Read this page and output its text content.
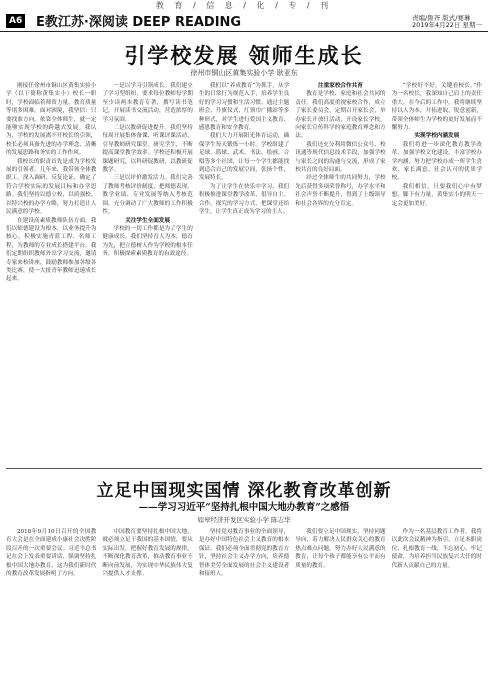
教 育 / 信 息 / 化 / 专 / 刊
A6 E教江苏·深阅读 DEEP READING	责编/鲁齐 版式/赛琳
2019年4月22日 星期一
引学校发展 领师生成长
徐州市铜山区黄集实验小学 耿亚东

刚接任徐州市铜山区黄集实验小学（以下简称黄集实小）校长一职时，学校面临着师资力量、教育质量等诸多困难。面对困境，我坚信：只要找准方向，依靠全体师生，就一定能够实现学校的跨越式发展。我认为，学校的发展离不开校长的引领，校长必须具备先进的办学理念、清晰的发展思路和务实的工作作风。

我校长的职责首先是成为学校发展的引领者。几年来，我带领全体教职工，深入调研、反复论证，确定了符合学校实际的发展目标和办学思路。我们坚持以德立校、以质强校、以特兴校的办学方略，努力打造让人民满意的学校。

在建设高素质教师队伍方面，我们以师德建设为根本，以业务提升为核心，积极实施青蓝工程、名师工程，为教师的专业成长搭建平台。我们定期组织教师外出学习交流，邀请专家来校讲座，鼓励教师参加各级各类比赛，使一大批青年教师迅速成长起来。

一是以学习引领成长。我们建立了学习型组织，要求每位教师每学期至少读两本教育专著，撰写读书笔记，开展读书交流活动，营造浓厚的学习氛围。

二是以教研促进提升。我们坚持每周开展集体备课、听课评课活动，引导教师研究课堂、研究学生，不断提高课堂教学效率。学校还积极开展课题研究，以科研促教研，以教研促教学。

三是以评价激发活力。我们完善了教师考核评价制度，把师德表现、教学业绩、专业发展等纳入考核范围，充分调动了广大教师的工作积极性。

关注学生全面发展

学校的一切工作都是为了学生的健康成长。我们坚持育人为本，德育为先，把立德树人作为学校的根本任务，积极探索素质教育的有效途径。

我们以“养成教育”为抓手，从学生的日常行为规范入手，培养学生良好的学习习惯和生活习惯。通过主题班会、升旗仪式、红领巾广播站等多种形式，对学生进行爱国主义教育、感恩教育和安全教育。

我们大力开展阳光体育运动，确保学生每天锻炼一小时。学校组建了足球、篮球、武术、书法、绘画、合唱等多个社团，让每一个学生都能找到适合自己的发展空间，张扬个性，发展特长。

为了让学生在快乐中学习，我们积极推进课堂教学改革，倡导自主、合作、探究的学习方式，把课堂还给学生，让学生真正成为学习的主人。

注重家校合作共育

教育是学校、家庭和社会共同的责任。我们高度重视家校合作，成立了家长委员会，定期召开家长会，举办家长开放日活动，开设家长学校，向家长宣传科学的家庭教育理念和方法。

我们还充分利用微信公众号、校讯通等现代信息技术手段，加强学校与家长之间的沟通与交流，形成了家校共育的良好局面。

经过全体师生的共同努力，学校先后获得多项荣誉称号，办学水平和社会声誉不断提升，得到了上级领导和社会各界的充分肯定。

“学校好不好，关键看校长。”作为一名校长，我深知自己肩上的责任重大。在今后的工作中，我将继续坚持以人为本，开拓进取，锐意创新，带领全体师生为学校的更好发展而不懈努力。

实现学校内涵发展

我们将进一步深化教育教学改革，加强学校文化建设，丰富学校办学内涵，努力把学校办成一所学生喜欢、家长满意、社会认可的优质学校。

我们相信，只要我们心中有梦想，脚下有力量，黄集实小的明天一定会更加美好。

立足中国现实国情 深化教育改革创新
——学习习近平“坚持扎根中国大地办教育”之感悟
如皋经济开发区实验小学 陈志华

2018年9月10日召开的全国教育大会是在全面建成小康社会决胜阶段召开的一次重要会议。习近平总书记在会上发表重要讲话，强调坚持扎根中国大地办教育，这为我们新时代的教育改革发展指明了方向。

中国教育要坚持扎根中国大地，就必须立足于我国的基本国情，要从实际出发，把握好教育发展的规律，不断深化教育改革，推动教育事业不断向前发展，为实现中华民族伟大复兴提供人才支撑。

坚持党对教育事业的全面领导，是办好中国特色社会主义教育的根本保证。我们必须全面贯彻党的教育方针，坚持社会主义办学方向，培养德智体美劳全面发展的社会主义建设者和接班人。

我们要立足中国现实，坚持问题导向，着力解决人民群众关心的教育热点难点问题，努力办好人民满意的教育，让每个孩子都能享有公平而有质量的教育。

作为一名基层教育工作者，我将以此次会议精神为指引，立足本职岗位，扎根教育一线，不忘初心，牢记使命，为培养担当民族复兴大任的时代新人贡献自己的力量。
